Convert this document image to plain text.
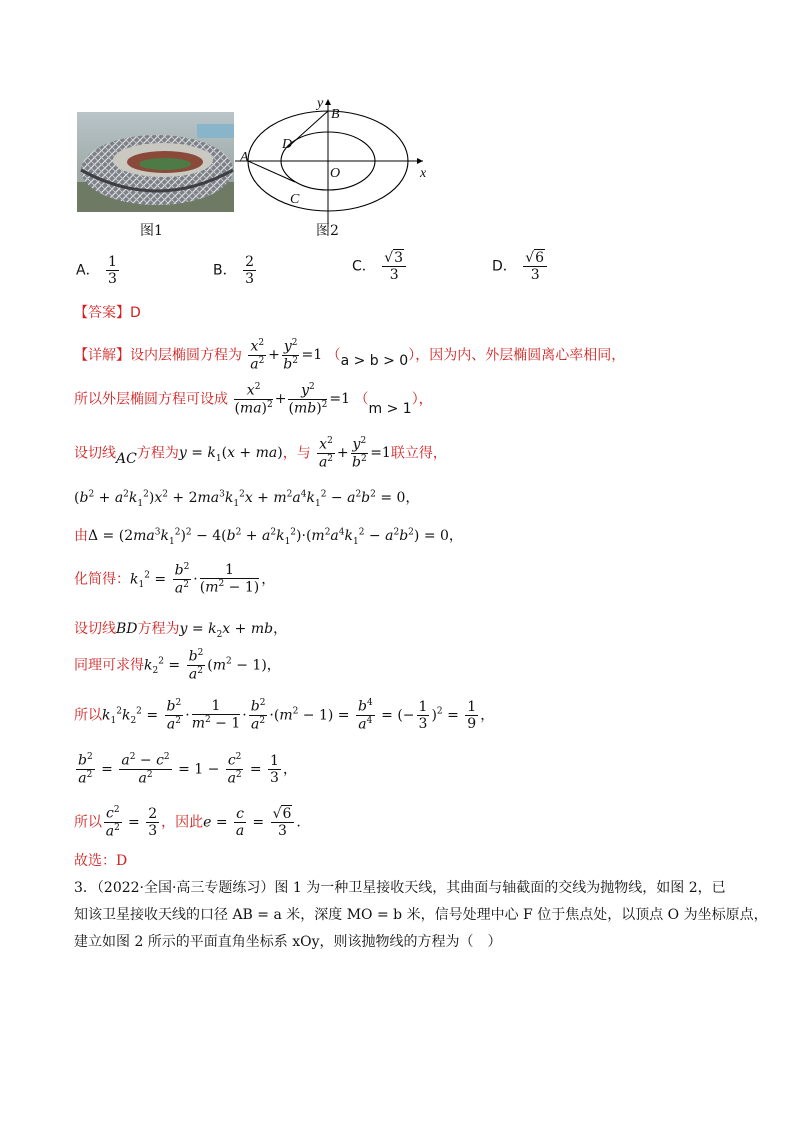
图1
y
B
D
A
O	x
C
图2
A． $\frac{1}{3}$	B． $\frac{2}{3}$	C． $\frac{√3}{3}$	D． $\frac{√6}{3}$
【答案】D
【详解】设内层椭圆方程为 $\frac{x^2}{a^2} + \frac{y^2}{b^2} =1$ （a > b > 0），因为内、外层椭圆离心率相同，
所以外层椭圆方程可设成 $\frac{x^2}{(ma)^2} + \frac{y^2}{(mb)^2} =1$ （m > 1），
设切线AC方程为$y = k_1(x + ma)$，与 $\frac{x^2}{a^2} + \frac{y^2}{b^2} =1$联立得，
$(b^2 + a^2k_1^2)x^2 + 2ma^3k_1^2x + m^2a^4k_1^2 - a^2b^2 = 0$，
由$\Delta = (2ma^3k_1^2)^2 - 4(b^2 + a^2k_1^2)\cdot(m^2a^4k_1^2 - a^2b^2) = 0$，
化简得：$k_1^2 = \frac{b^2}{a^2} \cdot \frac{1}{(m^2 - 1)}$ ，
设切线BD方程为$y = k_2x$ + mb，
同理可求得$k_2^2 = \frac{b^2}{a^2} (m^2 - 1)$，
所以$k_1^2k_2^2 = \frac{b^2}{a^2} \cdot \frac{1}{m^2 - 1} \cdot \frac{b^2}{a^2} \cdot(m^2 - 1) = \frac{b^4}{a^4}$ = (− $\frac{1}{3} )^2 = \frac{1}{9}$ ，
$\frac{b^2}{a^2} = \frac{a^2 - c^2}{a^2} = 1 - \frac{c^2}{a^2} = \frac{1}{3}$ ，
所以 $\frac{c^2}{a^2} = \frac{2}{3}$ ，因此$e = \frac{c}{a} = \frac{√6}{3}$ .
故选：D
3．（2022·全国·高三专题练习）图 1 为一种卫星接收天线，其曲面与轴截面的交线为抛物线，如图 2，已
知该卫星接收天线的口径 AB = a 米，深度 MO = b 米，信号处理中心 F 位于焦点处，以顶点 O 为坐标原点，
建立如图 2 所示的平面直角坐标系 xOy，则该抛物线的方程为（　）
